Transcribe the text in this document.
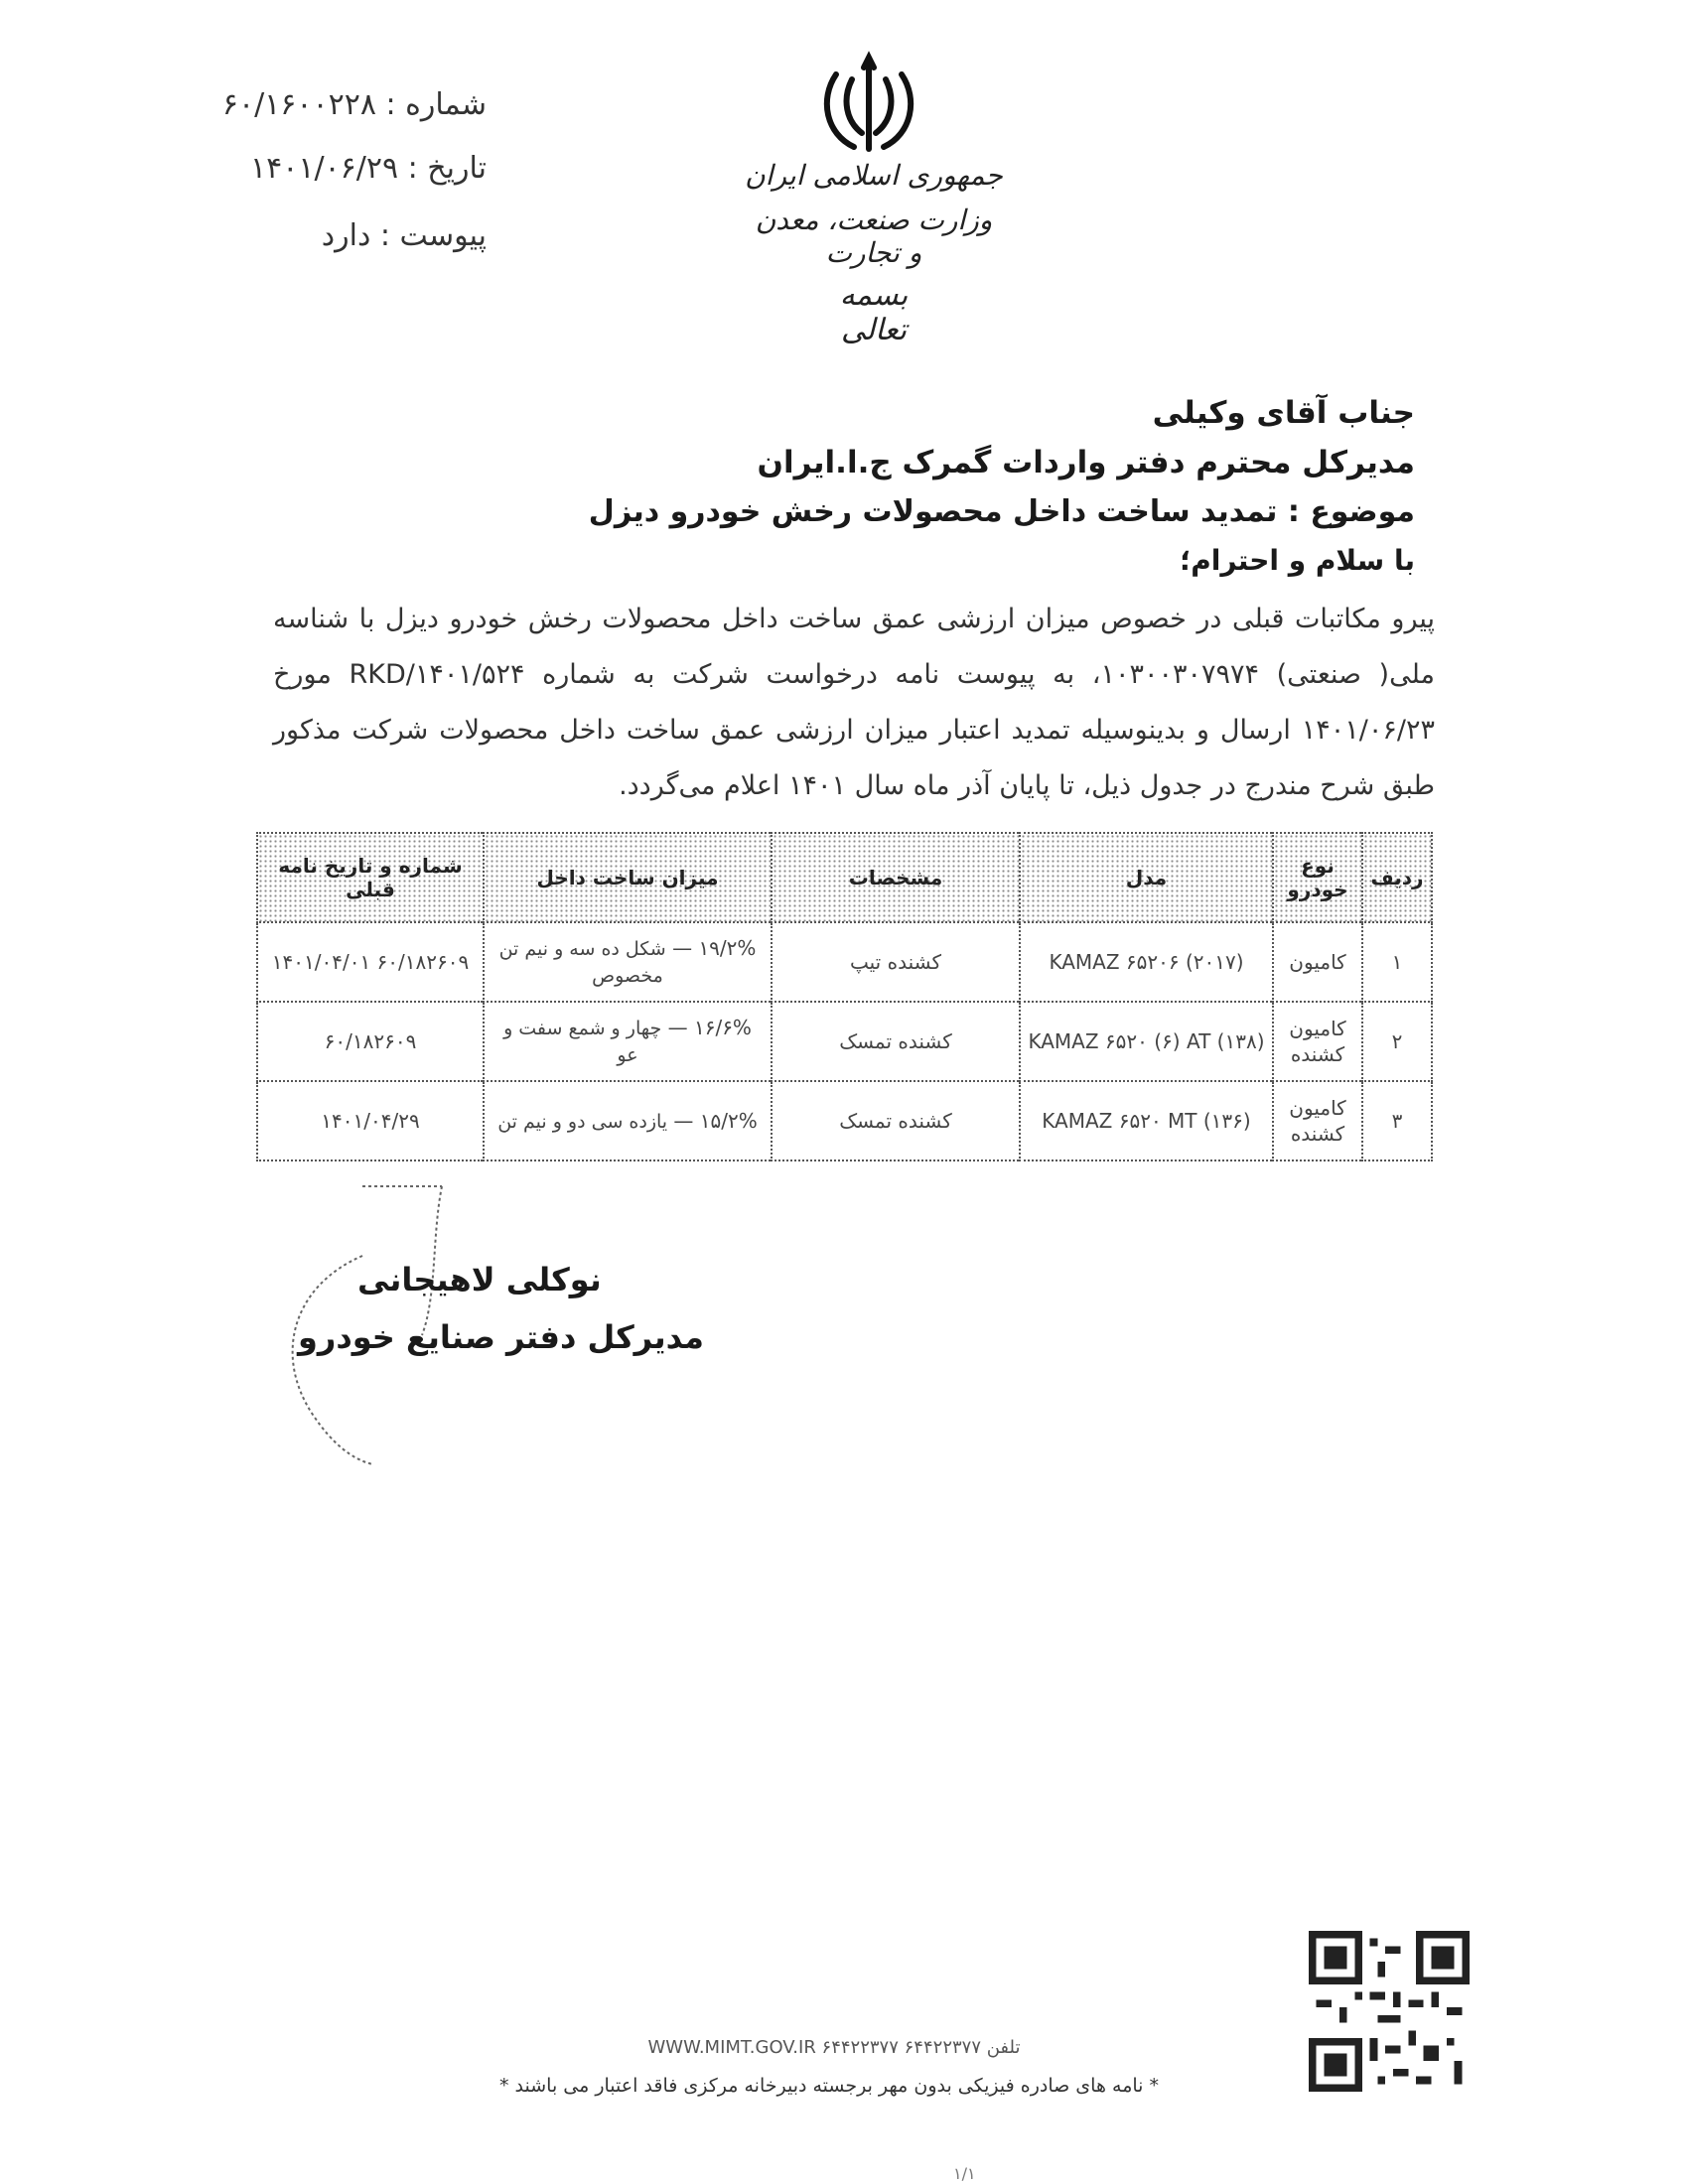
جمهوری اسلامی ایران
وزارت صنعت، معدن و تجارت
بسمه تعالی
شماره : ۶۰/۱۶۰۰۲۲۸
تاریخ : ۱۴۰۱/۰۶/۲۹
پیوست : دارد
جناب آقای وکیلی
مدیرکل محترم دفتر واردات گمرک ج.ا.ایران
موضوع : تمدید ساخت داخل محصولات رخش خودرو دیزل
با سلام و احترام؛
پیرو مکاتبات قبلی در خصوص میزان ارزشی عمق ساخت داخل محصولات رخش خودرو دیزل با شناسه ملی( صنعتی) ۱۰۳۰۰۳۰۷۹۷۴، به پیوست نامه درخواست شرکت به شماره RKD/۱۴۰۱/۵۲۴ مورخ ۱۴۰۱/۰۶/۲۳ ارسال و بدینوسیله تمدید اعتبار میزان ارزشی عمق ساخت داخل محصولات شرکت مذکور طبق شرح مندرج در جدول ذیل، تا پایان آذر ماه سال ۱۴۰۱ اعلام می‌گردد.
ردیف	نوع خودرو	مدل	مشخصات	میزان ساخت داخل	شماره و تاریخ نامه قبلی
۱	کامیون	KAMAZ ۶۵۲۰۶ (۲۰۱۷)	کشنده تیپ	۱۹/۲% — شکل ده سه و نیم تن مخصوص	۶۰/۱۸۲۶۰۹ ۱۴۰۱/۰۴/۰۱
۲	کامیون کشنده	KAMAZ ۶۵۲۰ (۶) AT (۱۳۸)	کشنده تمسک	۱۶/۶% — چهار و شمع سفت و عو	۶۰/۱۸۲۶۰۹
۳	کامیون کشنده	KAMAZ ۶۵۲۰ MT (۱۳۶)	کشنده تمسک	۱۵/۲% — یازده سی دو و نیم تن	۱۴۰۱/۰۴/۲۹
نوکلی لاهیجانی
مدیرکل دفتر صنایع خودرو
تلفن ۶۴۴۲۲۳۷۷ WWW.MIMT.GOV.IR ۶۴۴۲۲۳۷۷
* نامه های صادره فیزیکی بدون مهر برجسته دبیرخانه مرکزی فاقد اعتبار می باشند *
۱/۱
